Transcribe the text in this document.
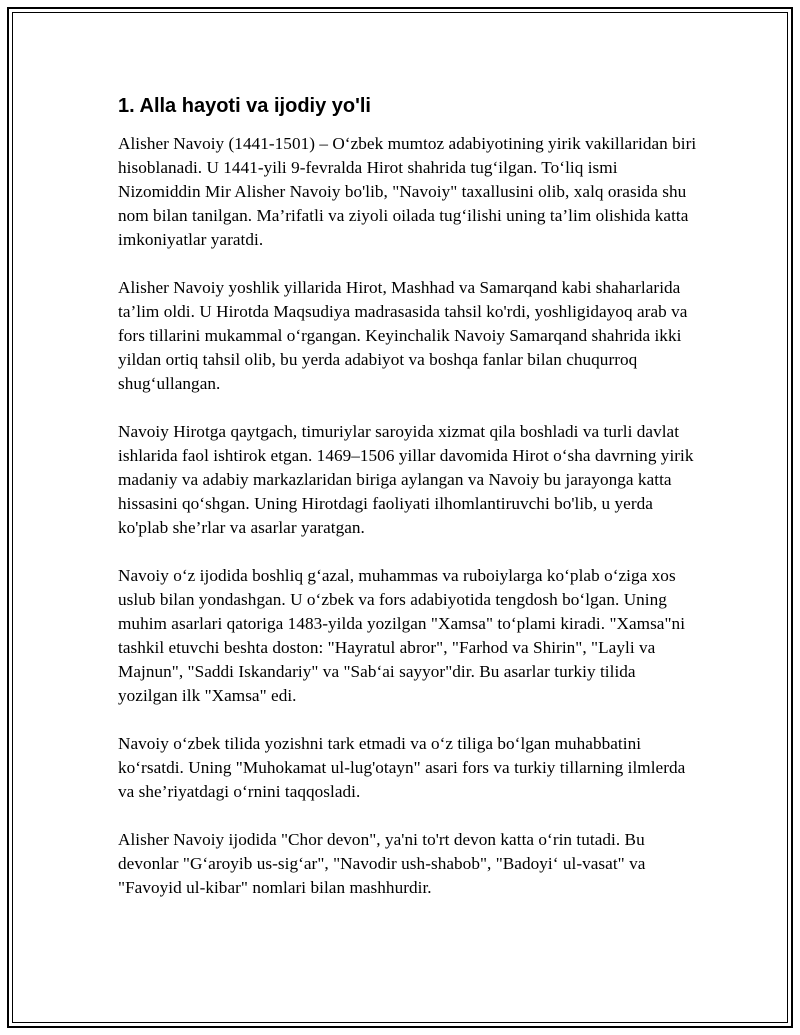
1. Alla hayoti va ijodiy yo'li

Alisher Navoiy (1441-1501) – O‘zbek mumtoz adabiyotining yirik vakillaridan biri hisoblanadi. U 1441-yili 9-fevralda Hirot shahrida tug‘ilgan. To‘liq ismi Nizomiddin Mir Alisher Navoiy bo'lib, "Navoiy" taxallusini olib, xalq orasida shu nom bilan tanilgan. Ma’rifatli va ziyoli oilada tug‘ilishi uning ta’lim olishida katta imkoniyatlar yaratdi.

Alisher Navoiy yoshlik yillarida Hirot, Mashhad va Samarqand kabi shaharlarida ta’lim oldi. U Hirotda Maqsudiya madrasasida tahsil ko'rdi, yoshligidayoq arab va fors tillarini mukammal o‘rgangan. Keyinchalik Navoiy Samarqand shahrida ikki yildan ortiq tahsil olib, bu yerda adabiyot va boshqa fanlar bilan chuqurroq shug‘ullangan.

Navoiy Hirotga qaytgach, timuriylar saroyida xizmat qila boshladi va turli davlat ishlarida faol ishtirok etgan. 1469–1506 yillar davomida Hirot o‘sha davrning yirik madaniy va adabiy markazlaridan biriga aylangan va Navoiy bu jarayonga katta hissasini qo‘shgan. Uning Hirotdagi faoliyati ilhomlantiruvchi bo'lib, u yerda ko'plab she’rlar va asarlar yaratgan.

Navoiy o‘z ijodida boshliq g‘azal, muhammas va ruboiylarga ko‘plab o‘ziga xos uslub bilan yondashgan. U o‘zbek va fors adabiyotida tengdosh bo‘lgan. Uning muhim asarlari qatoriga 1483-yilda yozilgan "Xamsa" to‘plami kiradi. "Xamsa"ni tashkil etuvchi beshta doston: "Hayratul abror", "Farhod va Shirin", "Layli va Majnun", "Saddi Iskandariy" va "Sab‘ai sayyor"dir. Bu asarlar turkiy tilida yozilgan ilk "Xamsa" edi.

Navoiy o‘zbek tilida yozishni tark etmadi va o‘z tiliga bo‘lgan muhabbatini ko‘rsatdi. Uning "Muhokamat ul-lug'otayn" asari fors va turkiy tillarning ilmlerda va she’riyatdagi o‘rnini taqqosladi.

Alisher Navoiy ijodida "Chor devon", ya'ni to'rt devon katta o‘rin tutadi. Bu devonlar "G‘aroyib us-sig‘ar", "Navodir ush-shabob", "Badoyi‘ ul-vasat" va "Favoyid ul-kibar" nomlari bilan mashhurdir.
